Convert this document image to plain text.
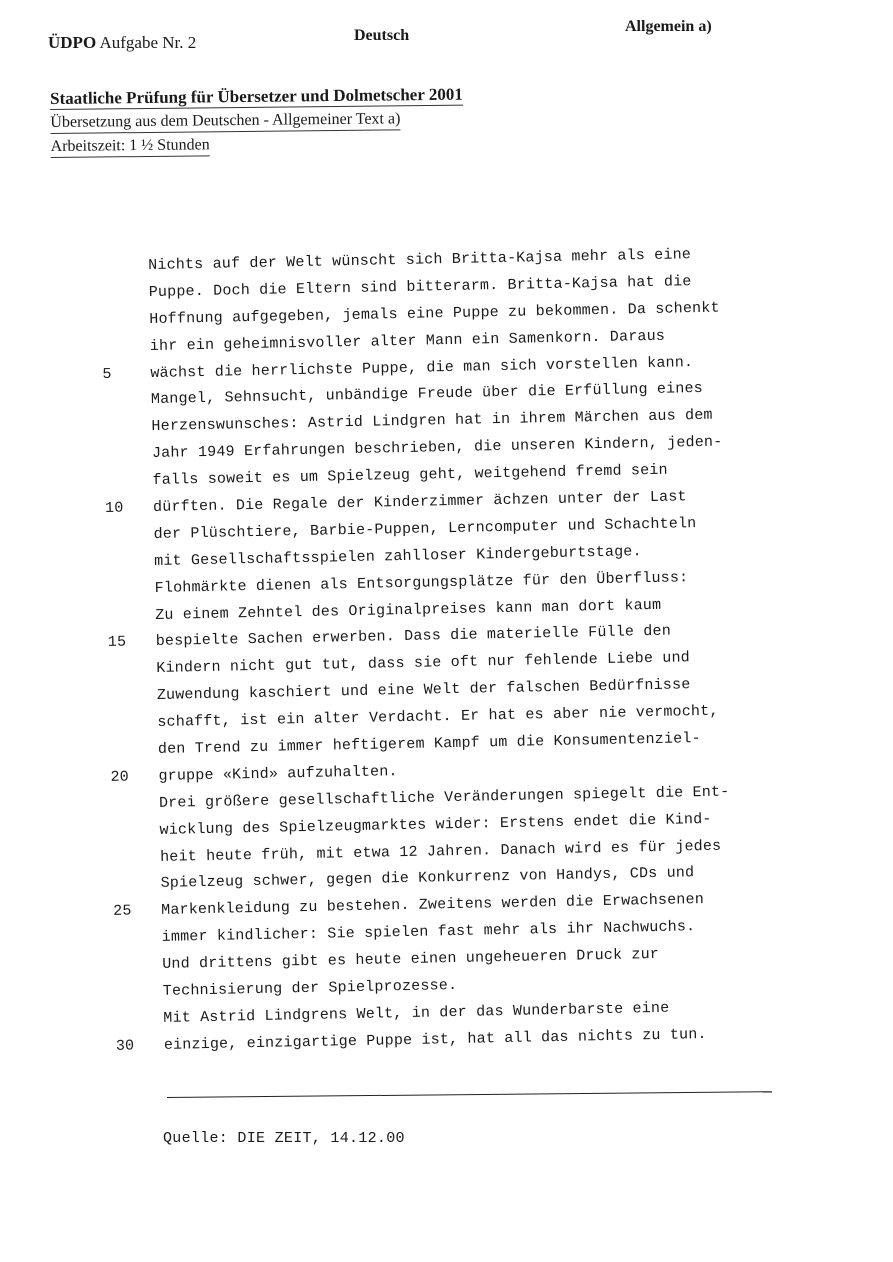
ÜDPO Aufgabe Nr. 2	Deutsch
Allgemein a)
Staatliche Prüfung für Übersetzer und Dolmetscher 2001
Übersetzung aus dem Deutschen - Allgemeiner Text a)
Arbeitszeit: 1 ½ Stunden
Nichts auf der Welt wünscht sich Britta-Kajsa mehr als eine
Puppe. Doch die Eltern sind bitterarm. Britta-Kajsa hat die
Hoffnung aufgegeben, jemals eine Puppe zu bekommen. Da schenkt
ihr ein geheimnisvoller alter Mann ein Samenkorn. Daraus
5	wächst die herrlichste Puppe, die man sich vorstellen kann.
Mangel, Sehnsucht, unbändige Freude über die Erfüllung eines
Herzenswunsches: Astrid Lindgren hat in ihrem Märchen aus dem
Jahr 1949 Erfahrungen beschrieben, die unseren Kindern, jeden-
falls soweit es um Spielzeug geht, weitgehend fremd sein
10	dürften. Die Regale der Kinderzimmer ächzen unter der Last
der Plüschtiere, Barbie-Puppen, Lerncomputer und Schachteln
mit Gesellschaftsspielen zahlloser Kindergeburtstage.
Flohmärkte dienen als Entsorgungsplätze für den Überfluss:
Zu einem Zehntel des Originalpreises kann man dort kaum
15	bespielte Sachen erwerben. Dass die materielle Fülle den
Kindern nicht gut tut, dass sie oft nur fehlende Liebe und
Zuwendung kaschiert und eine Welt der falschen Bedürfnisse
schafft, ist ein alter Verdacht. Er hat es aber nie vermocht,
den Trend zu immer heftigerem Kampf um die Konsumentenziel-
20	gruppe «Kind» aufzuhalten.
Drei größere gesellschaftliche Veränderungen spiegelt die Ent-
wicklung des Spielzeugmarktes wider: Erstens endet die Kind-
heit heute früh, mit etwa 12 Jahren. Danach wird es für jedes
Spielzeug schwer, gegen die Konkurrenz von Handys, CDs und
25	Markenkleidung zu bestehen. Zweitens werden die Erwachsenen
immer kindlicher: Sie spielen fast mehr als ihr Nachwuchs.
Und drittens gibt es heute einen ungeheueren Druck zur
Technisierung der Spielprozesse.
Mit Astrid Lindgrens Welt, in der das Wunderbarste eine
30	einzige, einzigartige Puppe ist, hat all das nichts zu tun.
Quelle: DIE ZEIT, 14.12.00
